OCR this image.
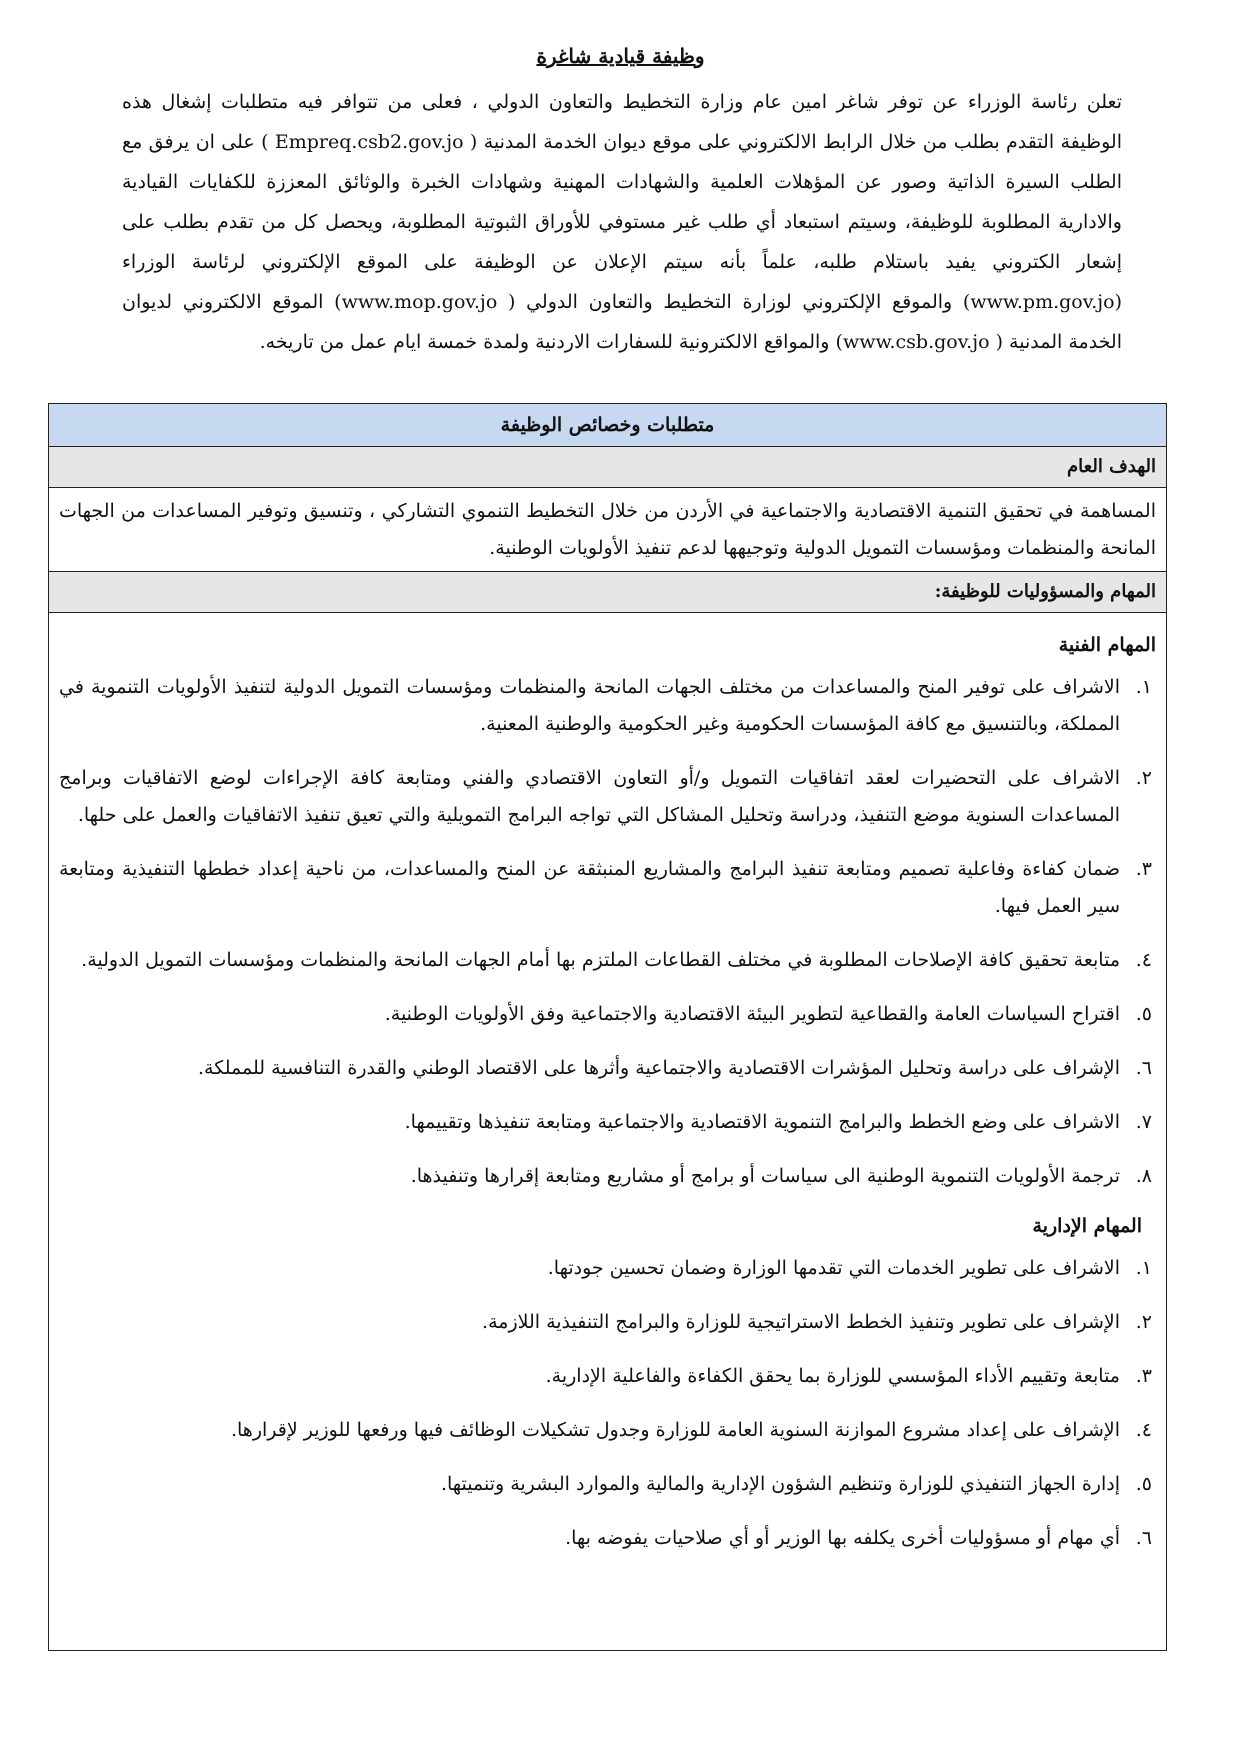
وظيفة قيادية شاغرة

تعلن رئاسة الوزراء عن توفر شاغر امين عام وزارة التخطيط والتعاون الدولي ، فعلى من تتوافر فيه متطلبات إشغال هذه الوظيفة التقدم بطلب من خلال الرابط الالكتروني على موقع ديوان الخدمة المدنية ( Empreq.csb2.gov.jo ) على ان يرفق مع الطلب السيرة الذاتية وصور عن المؤهلات العلمية والشهادات المهنية وشهادات الخبرة والوثائق المعززة للكفايات القيادية والادارية المطلوبة للوظيفة، وسيتم استبعاد أي طلب غير مستوفي للأوراق الثبوتية المطلوبة، ويحصل كل من تقدم بطلب على إشعار الكتروني يفيد باستلام طلبه، علماً بأنه سيتم الإعلان عن الوظيفة على الموقع الإلكتروني لرئاسة الوزراء (www.pm.gov.jo) والموقع الإلكتروني لوزارة التخطيط والتعاون الدولي ( www.mop.gov.jo) الموقع الالكتروني لديوان الخدمة المدنية ( www.csb.gov.jo) والمواقع الالكترونية للسفارات الاردنية ولمدة خمسة ايام عمل من تاريخه.

متطلبات وخصائص الوظيفة
الهدف العام

المساهمة في تحقيق التنمية الاقتصادية والاجتماعية في الأردن من خلال التخطيط التنموي التشاركي ، وتنسيق وتوفير المساعدات من الجهات المانحة والمنظمات ومؤسسات التمويل الدولية وتوجيهها لدعم تنفيذ الأولويات الوطنية.

المهام والمسؤوليات للوظيفة:
المهام الفنية
١.
الاشراف على توفير المنح والمساعدات من مختلف الجهات المانحة والمنظمات ومؤسسات التمويل الدولية لتنفيذ الأولويات التنموية في المملكة، وبالتنسيق مع كافة المؤسسات الحكومية وغير الحكومية والوطنية المعنية.
٢.
الاشراف على التحضيرات لعقد اتفاقيات التمويل و/أو التعاون الاقتصادي والفني ومتابعة كافة الإجراءات لوضع الاتفاقيات وبرامج المساعدات السنوية موضع التنفيذ، ودراسة وتحليل المشاكل التي تواجه البرامج التمويلية والتي تعيق تنفيذ الاتفاقيات والعمل على حلها.
٣.
ضمان كفاءة وفاعلية تصميم ومتابعة تنفيذ البرامج والمشاريع المنبثقة عن المنح والمساعدات، من ناحية إعداد خططها التنفيذية ومتابعة سير العمل فيها.
٤.
متابعة تحقيق كافة الإصلاحات المطلوبة في مختلف القطاعات الملتزم بها أمام الجهات المانحة والمنظمات ومؤسسات التمويل الدولية.
٥.
اقتراح السياسات العامة والقطاعية لتطوير البيئة الاقتصادية والاجتماعية وفق الأولويات الوطنية.
٦.
الإشراف على دراسة وتحليل المؤشرات الاقتصادية والاجتماعية وأثرها على الاقتصاد الوطني والقدرة التنافسية للمملكة.
٧.
الاشراف على وضع الخطط والبرامج التنموية الاقتصادية والاجتماعية ومتابعة تنفيذها وتقييمها.
٨.
ترجمة الأولويات التنموية الوطنية الى سياسات أو برامج أو مشاريع ومتابعة إقرارها وتنفيذها.
المهام الإدارية
١.
الاشراف على تطوير الخدمات التي تقدمها الوزارة وضمان تحسين جودتها.
٢.
الإشراف على تطوير وتنفيذ الخطط الاستراتيجية للوزارة والبرامج التنفيذية اللازمة.
٣.
متابعة وتقييم الأداء المؤسسي للوزارة بما يحقق الكفاءة والفاعلية الإدارية.
٤.
الإشراف على إعداد مشروع الموازنة السنوية العامة للوزارة وجدول تشكيلات الوظائف فيها ورفعها للوزير لإقرارها.
٥.
إدارة الجهاز التنفيذي للوزارة وتنظيم الشؤون الإدارية والمالية والموارد البشرية وتنميتها.
٦.
أي مهام أو مسؤوليات أخرى يكلفه بها الوزير أو أي صلاحيات يفوضه بها.
